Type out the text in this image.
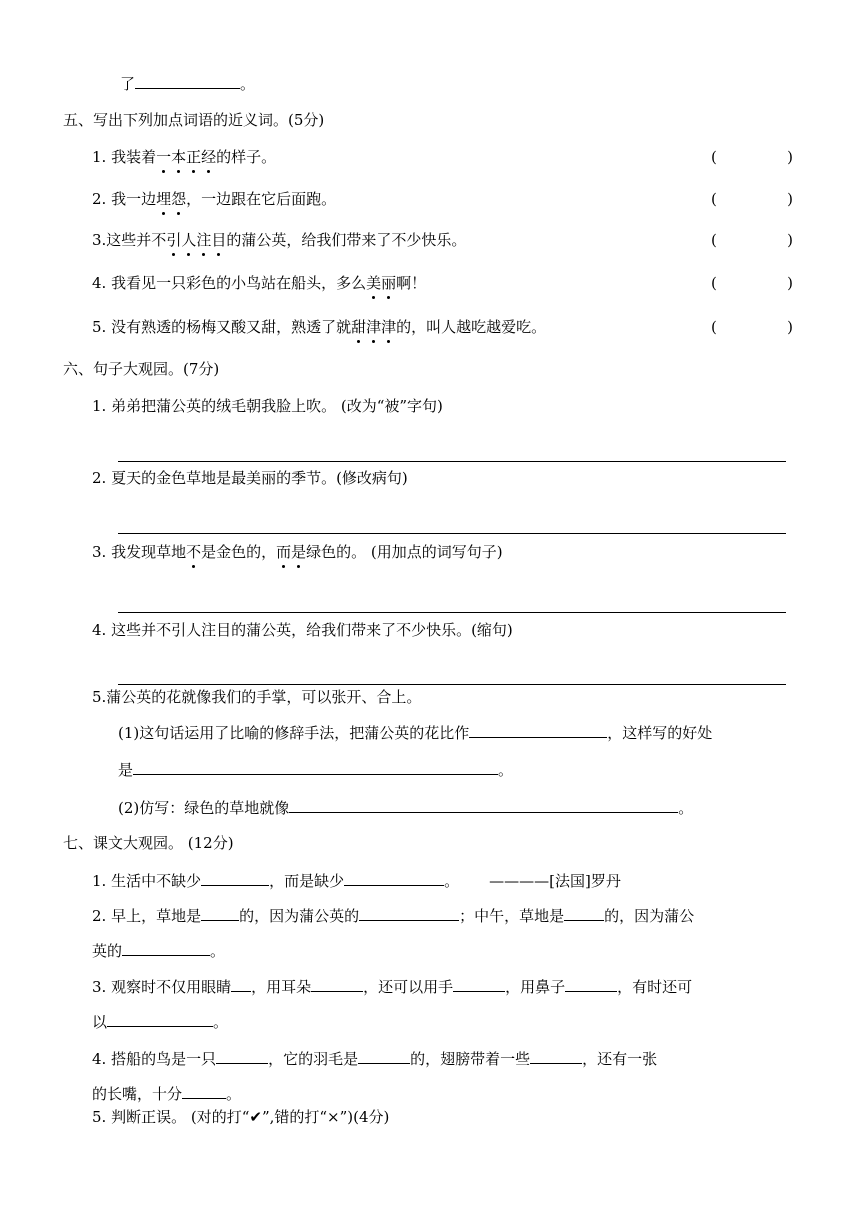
了	。
五、写出下列加点词语的近义词。(5分)
1. 我装着一本正经的样子。	(	)
2. 我一边埋怨，一边跟在它后面跑。	(	)
3.这些并不引人注目的蒲公英，给我们带来了不少快乐。	(	)
4. 我看见一只彩色的小鸟站在船头，多么美丽啊！	(	)
5. 没有熟透的杨梅又酸又甜，熟透了就甜津津的，叫人越吃越爱吃。	(	)
六、句子大观园。(7分)
1. 弟弟把蒲公英的绒毛朝我脸上吹。 (改为“被”字句)
2. 夏天的金色草地是最美丽的季节。(修改病句)
3. 我发现草地不是金色的，而是绿色的。 (用加点的词写句子)
4. 这些并不引人注目的蒲公英，给我们带来了不少快乐。(缩句)
5.蒲公英的花就像我们的手掌，可以张开、合上。
(1)这句话运用了比喻的修辞手法，把蒲公英的花比作	，这样写的好处
是	。
(2)仿写：绿色的草地就像	。
七、课文大观园。 (12分)
1. 生活中不缺少	，而是缺少	。 ————[法国]罗丹
2. 早上，草地是	的，因为蒲公英的	；中午，草地是	的，因为蒲公
英的	。
3. 观察时不仅用眼睛 ，用耳朵	，还可以用手	，用鼻子	，有时还可
以	。
4. 搭船的鸟是一只	，它的羽毛是	的，翅膀带着一些	，还有一张
的长嘴，十分	。
5. 判断正误。 (对的打“✔”,错的打“×”)(4分)
